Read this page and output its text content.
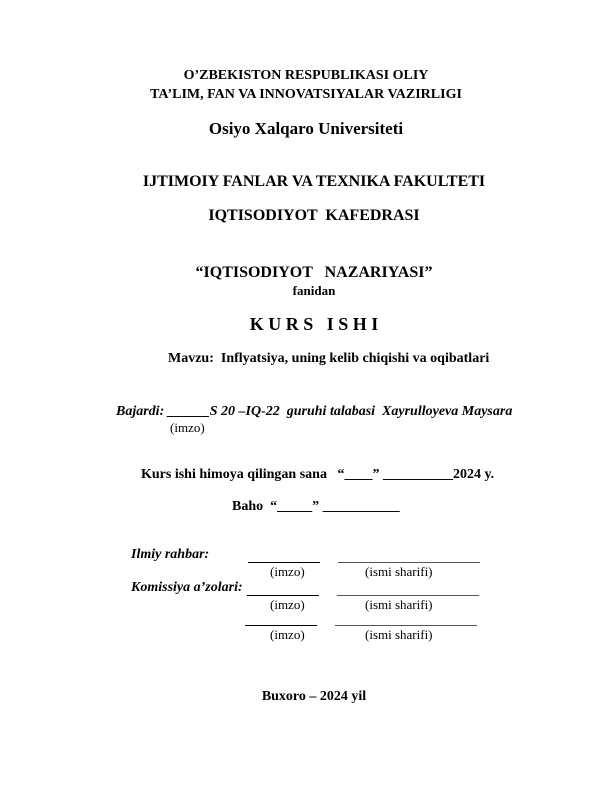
O’ZBEKISTON RESPUBLIKASI OLIY
TA’LIM, FAN VA INNOVATSIYALAR VAZIRLIGI
Osiyo Xalqaro Universiteti
IJTIMOIY FANLAR VA TEXNIKA FAKULTETI
IQTISODIYOT  KAFEDRASI
“IQTISODIYOT   NAZARIYASI”
fanidan
K U R S   I S H I
Mavzu: Inflyatsiya, uning kelib chiqishi va oqibatlari
Bajardi: ______S 20 –IQ-22  guruhi talabasi  Xayrulloyeva Maysara
(imzo)
Kurs ishi himoya qilingan sana   “____” __________2024 y.
Baho  “_____” ___________
Ilmiy rahbar:
(imzo)	(ismi sharifi)
Komissiya a’zolari:
(imzo)	(ismi sharifi)
(imzo)	(ismi sharifi)
Buxoro – 2024 yil
